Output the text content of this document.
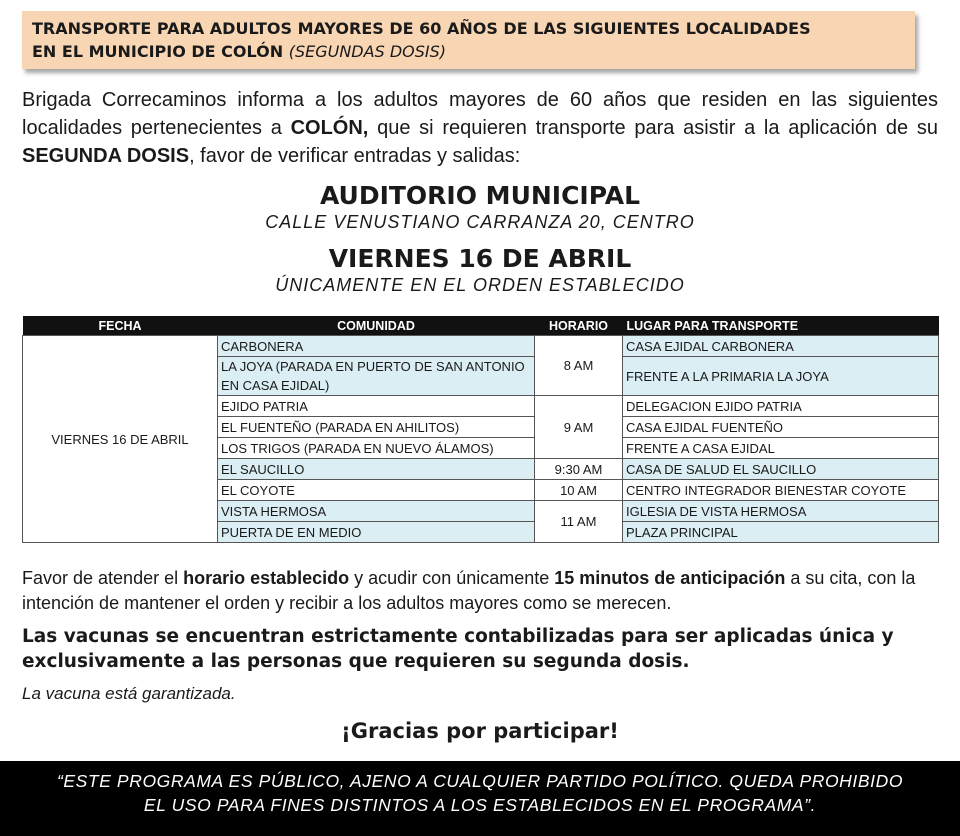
TRANSPORTE PARA ADULTOS MAYORES DE 60 AÑOS DE LAS SIGUIENTES LOCALIDADES
EN EL MUNICIPIO DE COLÓN (SEGUNDAS DOSIS)
Brigada Correcaminos informa a los adultos mayores de 60 años que residen en las siguientes localidades pertenecientes a COLÓN, que si requieren transporte para asistir a la aplicación de su SEGUNDA DOSIS, favor de verificar entradas y salidas:
AUDITORIO MUNICIPAL
CALLE VENUSTIANO CARRANZA 20, CENTRO
VIERNES 16 DE ABRIL
ÚNICAMENTE EN EL ORDEN ESTABLECIDO
FECHA	COMUNIDAD	HORARIO	LUGAR PARA TRANSPORTE
VIERNES 16 DE ABRIL	CARBONERA	8 AM	CASA EJIDAL CARBONERA
	LA JOYA (PARADA EN PUERTO DE SAN ANTONIO EN CASA EJIDAL)		FRENTE A LA PRIMARIA LA JOYA
	EJIDO PATRIA	9 AM	DELEGACION EJIDO PATRIA
	EL FUENTEÑO (PARADA EN AHILITOS)		CASA EJIDAL FUENTEÑO
	LOS TRIGOS (PARADA EN NUEVO ÁLAMOS)		FRENTE A CASA EJIDAL
	EL SAUCILLO	9:30 AM	CASA DE SALUD EL SAUCILLO
	EL COYOTE	10 AM	CENTRO INTEGRADOR BIENESTAR COYOTE
	VISTA HERMOSA	11 AM	IGLESIA DE VISTA HERMOSA
	PUERTA DE EN MEDIO		PLAZA PRINCIPAL
Favor de atender el horario establecido y acudir con únicamente 15 minutos de anticipación a su cita, con la intención de mantener el orden y recibir a los adultos mayores como se merecen.
Las vacunas se encuentran estrictamente contabilizadas para ser aplicadas única y exclusivamente a las personas que requieren su segunda dosis.
La vacuna está garantizada.
¡Gracias por participar!
“ESTE PROGRAMA ES PÚBLICO, AJENO A CUALQUIER PARTIDO POLÍTICO. QUEDA PROHIBIDO
EL USO PARA FINES DISTINTOS A LOS ESTABLECIDOS EN EL PROGRAMA”.
